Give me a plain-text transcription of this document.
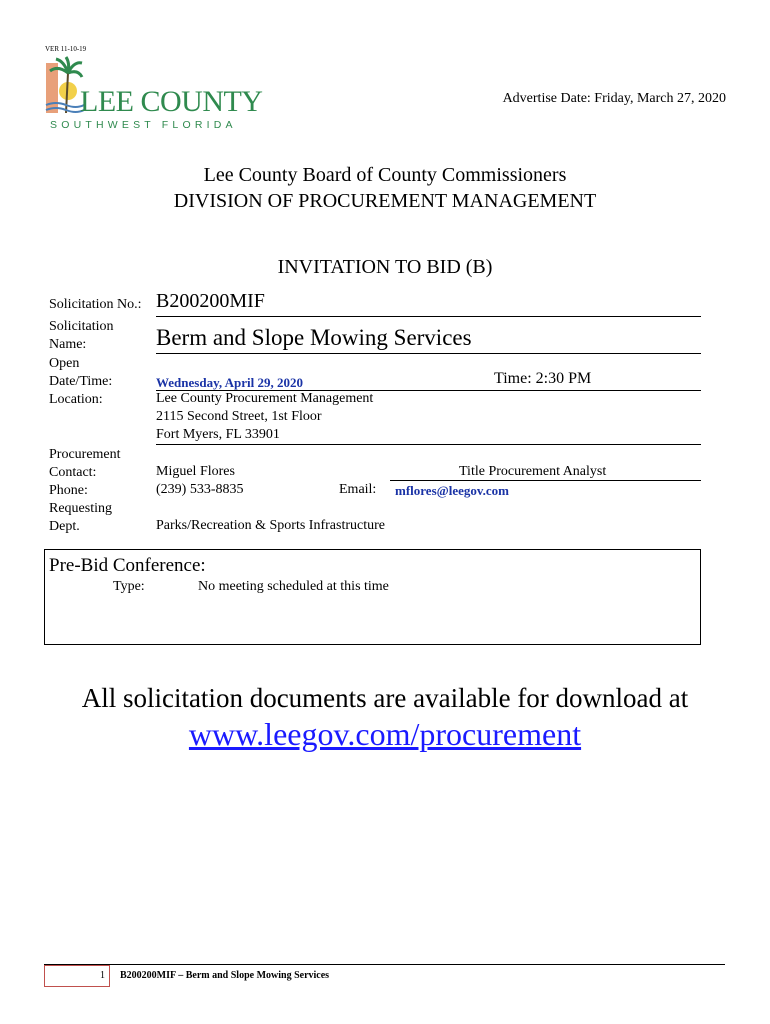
VER 11-10-19
LEE COUNTY
SOUTHWEST FLORIDA
Advertise Date: Friday, March 27, 2020
Lee County Board of County Commissioners
DIVISION OF PROCUREMENT MANAGEMENT
INVITATION TO BID (B)
Solicitation No.: B200200MIF
Solicitation
Name:	Berm and Slope Mowing Services
Open
Date/Time:	Wednesday, April 29, 2020	Time: 2:30 PM
Location:	Lee County Procurement Management
2115 Second Street, 1st Floor
Fort Myers, FL 33901
Procurement
Contact:	Miguel Flores	Title Procurement Analyst
Phone:	(239) 533-8835	Email: mflores@leegov.com
Requesting
Dept.	Parks/Recreation & Sports Infrastructure
Pre-Bid Conference:
Type:	No meeting scheduled at this time
All solicitation documents are available for download at
www.leegov.com/procurement
1 B200200MIF – Berm and Slope Mowing Services
